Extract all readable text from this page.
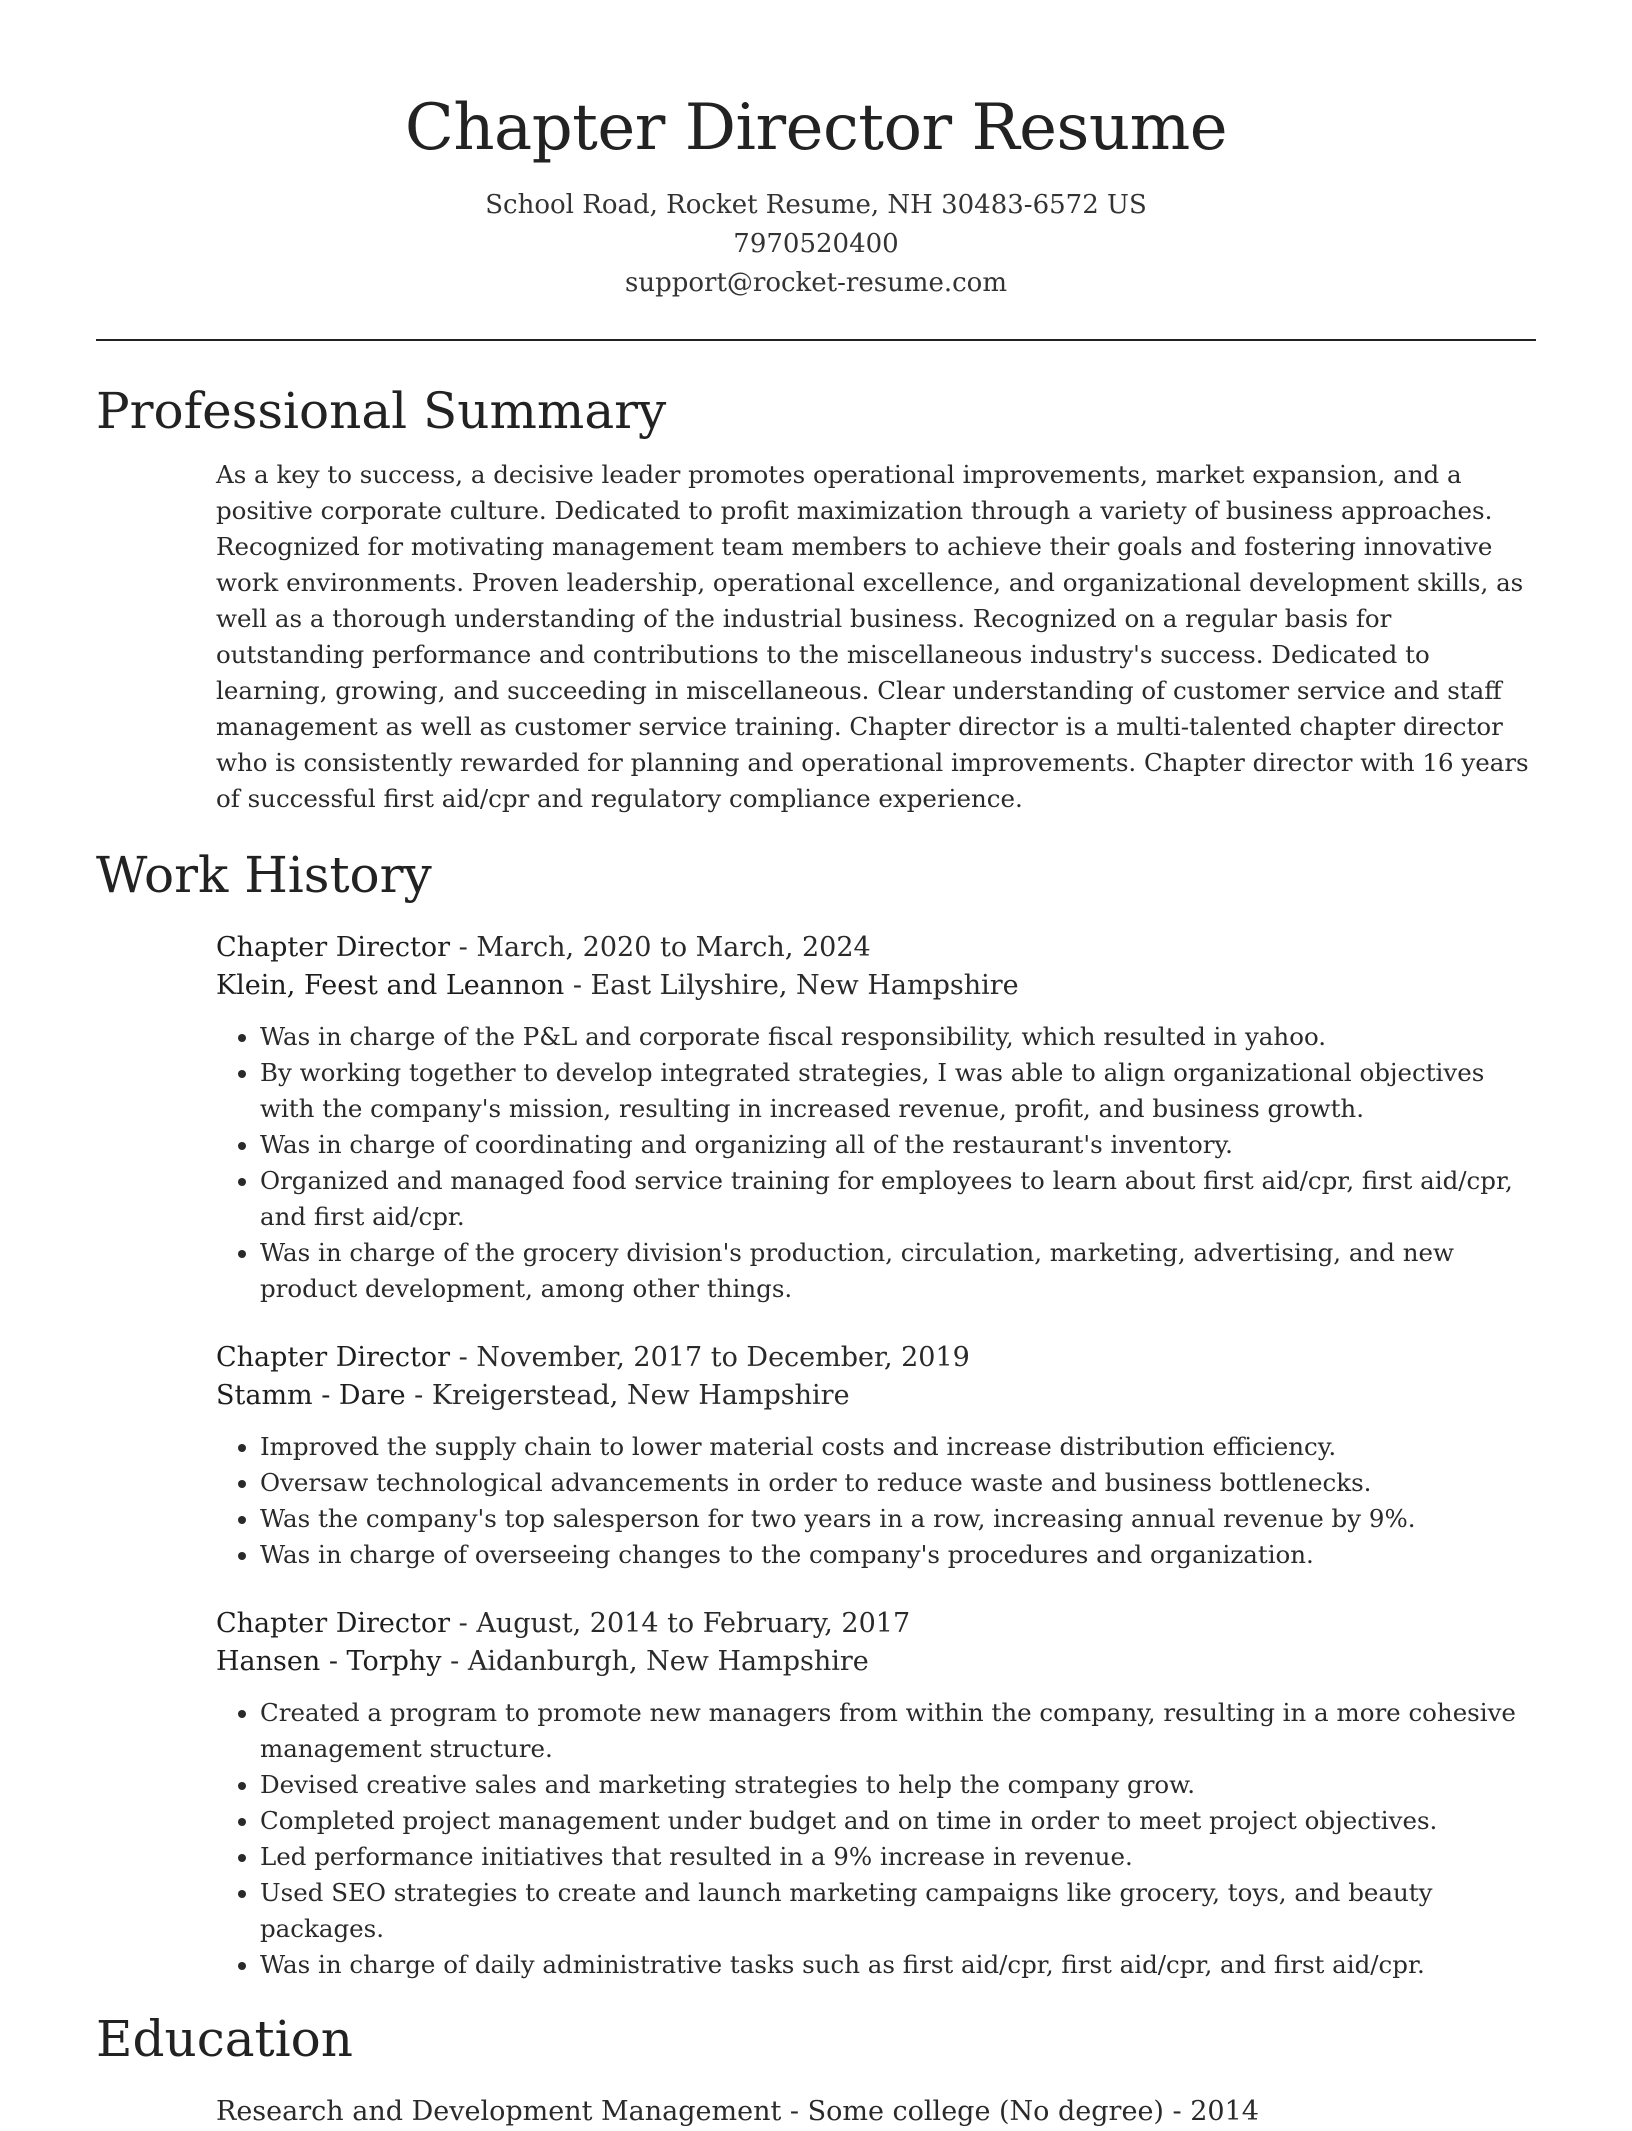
Chapter Director Resume
School Road, Rocket Resume, NH 30483-6572 US
7970520400
support@rocket-resume.com
Professional Summary

As a key to success, a decisive leader promotes operational improvements, market expansion, and a positive corporate culture. Dedicated to profit maximization through a variety of business approaches. Recognized for motivating management team members to achieve their goals and fostering innovative work environments. Proven leadership, operational excellence, and organizational development skills, as well as a thorough understanding of the industrial business. Recognized on a regular basis for outstanding performance and contributions to the miscellaneous industry's success. Dedicated to learning, growing, and succeeding in miscellaneous. Clear understanding of customer service and staff management as well as customer service training. Chapter director is a multi-talented chapter director who is consistently rewarded for planning and operational improvements. Chapter director with 16 years of successful first aid/cpr and regulatory compliance experience.

Work History
Chapter Director - March, 2020 to March, 2024
Klein, Feest and Leannon - East Lilyshire, New Hampshire
• Was in charge of the P&L and corporate fiscal responsibility, which resulted in yahoo.
• By working together to develop integrated strategies, I was able to align organizational objectives with the company's mission, resulting in increased revenue, profit, and business growth.
• Was in charge of coordinating and organizing all of the restaurant's inventory.
• Organized and managed food service training for employees to learn about first aid/cpr, first aid/cpr, and first aid/cpr.
• Was in charge of the grocery division's production, circulation, marketing, advertising, and new product development, among other things.
Chapter Director - November, 2017 to December, 2019
Stamm - Dare - Kreigerstead, New Hampshire
• Improved the supply chain to lower material costs and increase distribution efficiency.
• Oversaw technological advancements in order to reduce waste and business bottlenecks.
• Was the company's top salesperson for two years in a row, increasing annual revenue by 9%.
• Was in charge of overseeing changes to the company's procedures and organization.
Chapter Director - August, 2014 to February, 2017
Hansen - Torphy - Aidanburgh, New Hampshire
• Created a program to promote new managers from within the company, resulting in a more cohesive management structure.
• Devised creative sales and marketing strategies to help the company grow.
• Completed project management under budget and on time in order to meet project objectives.
• Led performance initiatives that resulted in a 9% increase in revenue.
• Used SEO strategies to create and launch marketing campaigns like grocery, toys, and beauty packages.
• Was in charge of daily administrative tasks such as first aid/cpr, first aid/cpr, and first aid/cpr.
Education
Research and Development Management - Some college (No degree) - 2014
